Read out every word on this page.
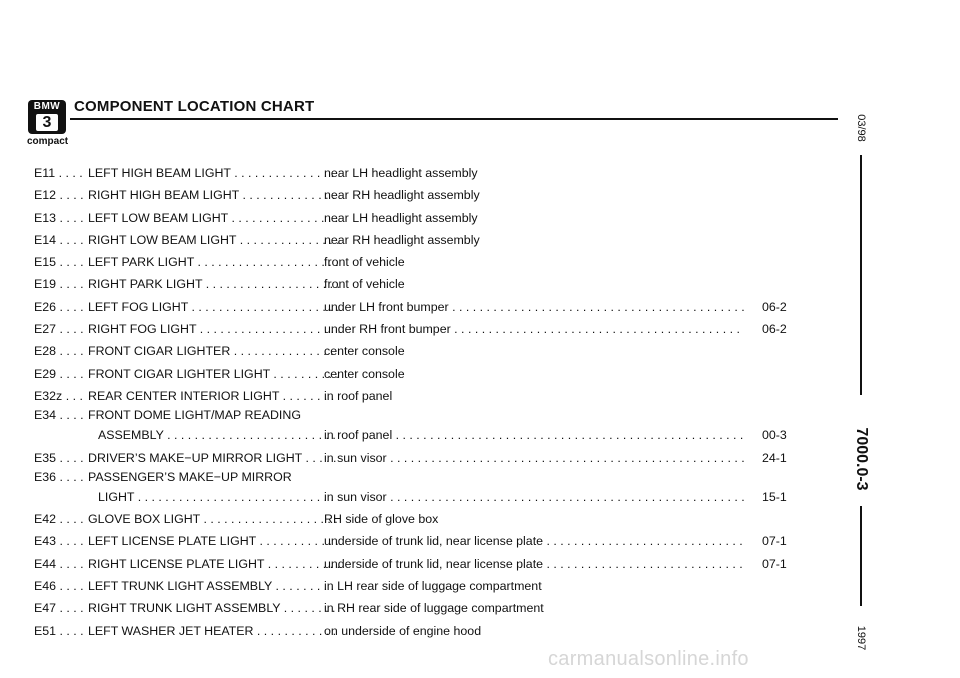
BMW
3
compact
COMPONENT LOCATION CHART
03/98
7000.0-3
1997
E11 . . .	LEFT HIGH BEAM LIGHT . . .	near LH headlight assembly
E12 . . .	RIGHT HIGH BEAM LIGHT . . .	near RH headlight assembly
E13 . . .	LEFT LOW BEAM LIGHT . . .	near LH headlight assembly
E14 . . .	RIGHT LOW BEAM LIGHT . . .	near RH headlight assembly
E15 . . .	LEFT PARK LIGHT . . .	front of vehicle
E19 . . .	RIGHT PARK LIGHT . . .	front of vehicle
E26 . . .	LEFT FOG LIGHT . . .	under LH front bumper . . .	06-2
E27 . . .	RIGHT FOG LIGHT . . .	under RH front bumper . . .	06-2
E28 . . .	FRONT CIGAR LIGHTER . . .	center console
E29 . . .	FRONT CIGAR LIGHTER LIGHT . . .	center console
E32z . . .	REAR CENTER INTERIOR LIGHT . . .	in roof panel
E34 . . .	FRONT DOME LIGHT/MAP READING
ASSEMBLY . . .	in roof panel . . .	00-3
E35 . . .	DRIVER’S MAKE−UP MIRROR LIGHT . . .	in sun visor . . .	24-1
E36 . . .	PASSENGER’S MAKE−UP MIRROR
LIGHT . . .	in sun visor . . .	15-1
E42 . . .	GLOVE BOX LIGHT . . .	RH side of glove box
E43 . . .	LEFT LICENSE PLATE LIGHT . . .	underside of trunk lid, near license plate . . .	07-1
E44 . . .	RIGHT LICENSE PLATE LIGHT . . .	underside of trunk lid, near license plate . . .	07-1
E46 . . .	LEFT TRUNK LIGHT ASSEMBLY . . .	in LH rear side of luggage compartment
E47 . . .	RIGHT TRUNK LIGHT ASSEMBLY . . .	in RH rear side of luggage compartment
E51 . . .	LEFT WASHER JET HEATER . . .	on underside of engine hood
carmanualsonline.info
